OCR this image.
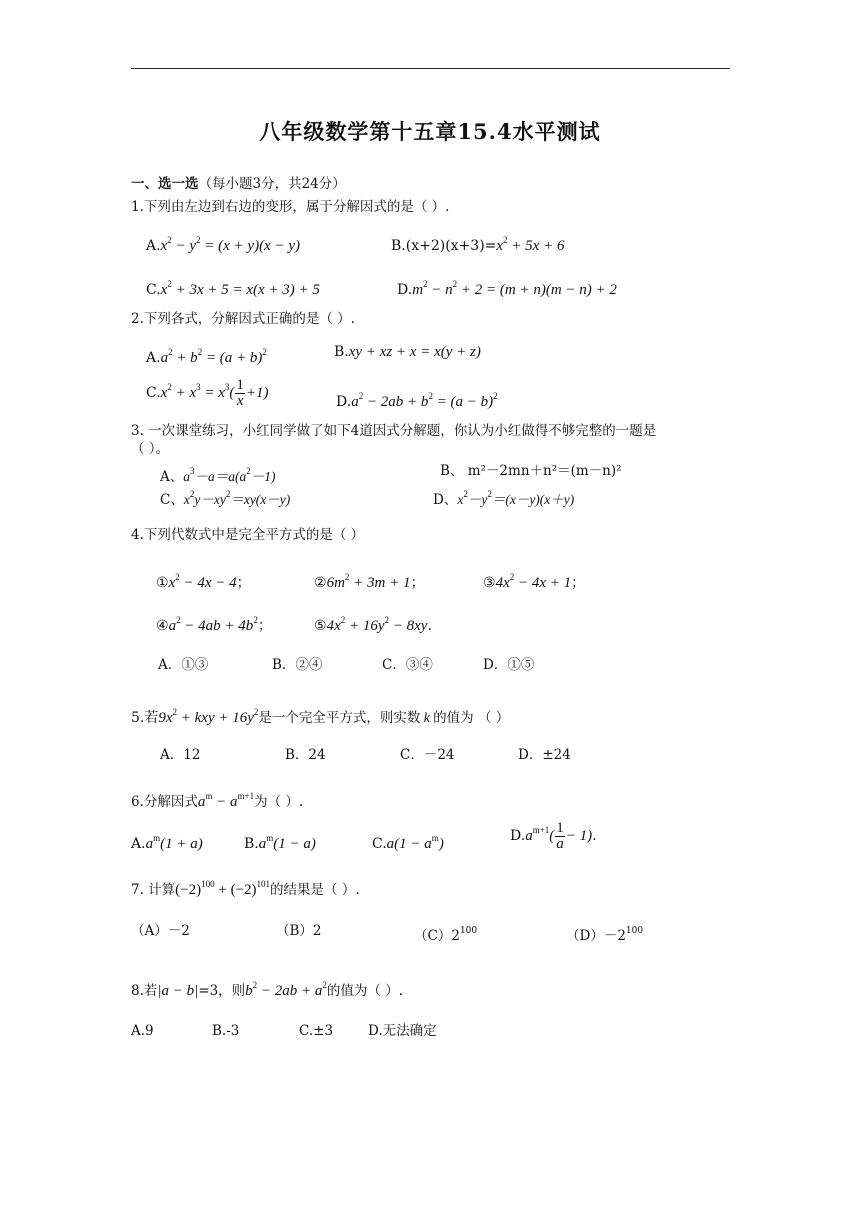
八年级数学第十五章15.4水平测试
一、选一选（每小题3分，共24分）
1.下列由左边到右边的变形，属于分解因式的是（ ）.
$A.x^2 - y^2 = (x + y)(x - y)$	$B.(x+2)(x+3)=x^2 + 5x + 6$
$C.x^2 + 3x + 5 = x(x + 3) + 5$	$D.m^2 - n^2 + 2 = (m + n)(m - n) + 2$
2.下列各式，分解因式正确的是（ ）.
$A.a^2 + b^2 = (a + b)^2$	B.xy + xz + x = x(y + z)
$C.x^2 + x^3 = x^3( \frac{1}{x} +1)$
$D.a^2 - 2ab + b^2 = (a - b)^2$
3. 一次课堂练习，小红同学做了如下4道因式分解题，你认为小红做得不够完整的一题是
（ ）。
A、$a^3-a=a(a^2-1)$	B、 m²－2mn＋n²＝(m－n)²
C、$x^2y-xy^2=xy(x-y)$	D、$x^2-y^2=(x-y)(x+y)$
4.下列代数式中是完全平方式的是（ ）
$①x^2 - 4x - 4$；	$②6m^2 + 3m + 1$；	$③4x^2 - 4x + 1$；
$④a^2 - 4ab + 4b^2$；	$⑤4x^2 + 16y^2 - 8xy$.
A．①③	B．②④	C．③④	D．①⑤
5.若$9x^2$ + kxy + $16y^2$是一个完全平方式，则实数 k 的值为 （ ）
A．12	B．24	C．－24	D．±24
6.分解因式$a^m - a^{m+1}$为（ ）.
$A.a^m(1 + a)$	$B.a^m(1 - a)$	$C.a(1 - a^m)$	$D.a^{m+1}( \frac{1}{a} - 1)$.
7. 计算$(-2)^{100} + (-2)^{101}$的结果是（ ）.
（A）－2	（B）2	$(C)2^{100}$	$(D)-2^{100}$
8.若|a − b|=3，则$b^2 - 2ab + a^2$的值为（ ）.
A.9	B.-3	C.±3	D.无法确定
